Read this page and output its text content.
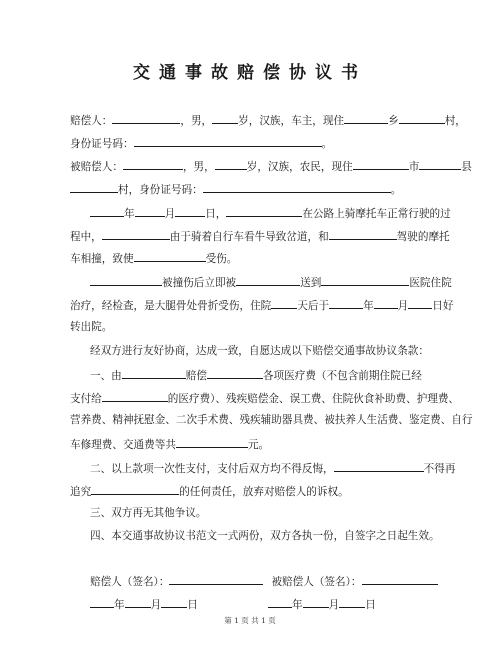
交通事故赔偿协议书
赔偿人：	，男， 岁，汉族，车主，现住	乡	村，
身份证号码：	。
被赔偿人：	，男，	岁，汉族，农民，现住	市	县
村，身份证号码：	。
年	月	日，	在公路上骑摩托车正常行驶的过
程中，	由于骑着自行车看牛导致岔道，和	驾驶的摩托
车相撞，致使	受伤。
被撞伤后立即被	送到	医院住院
治疗，经检查，是大腿骨处骨折受伤，住院 天后于	年 月 日好
转出院。
经双方进行友好协商，达成一致，自愿达成以下赔偿交通事故协议条款：
一、由	赔偿	各项医疗费（不包含前期住院已经
支付给	的医疗费）、残疾赔偿金、误工费、住院伙食补助费、护理费、
营养费、精神抚慰金、二次手术费、残疾辅助器具费、被扶养人生活费、鉴定费、自行
车修理费、交通费等共	元。
二、以上款项一次性支付，支付后双方均不得反悔，	不得再
追究	的任何责任，放弃对赔偿人的诉权。
三、双方再无其他争议。
四、本交通事故协议书范文一式两份，双方各执一份，自签字之日起生效。
赔偿人（签名）：	被赔偿人（签名）：
年 月 日	年 月 日
第 1 页 共 1 页
